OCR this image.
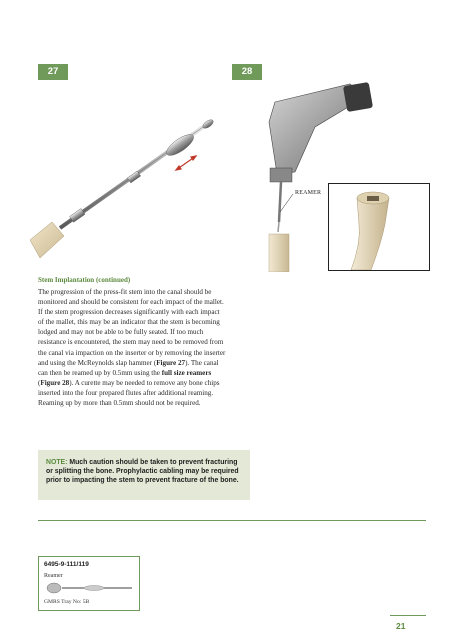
27	28
REAMER
Stem Implantation (continued)
The progression of the press-fit stem into the canal should be monitored and should be consistent for each impact of the mallet. If the stem progression decreases significantly with each impact of the mallet, this may be an indicator that the stem is becoming lodged and may not be able to be fully seated. If too much resistance is encountered, the stem may need to be removed from the canal via impaction on the inserter or by removing the inserter and using the McReynolds slap hammer (Figure 27). The canal can then be reamed up by 0.5mm using the full size reamers (Figure 28). A curette may be needed to remove any bone chips inserted into the four prepared flutes after additional reaming. Reaming up by more than 0.5mm should not be required.
NOTE: Much caution should be taken to prevent fracturing or splitting the bone. Prophylactic cabling may be required prior to impacting the stem to prevent fracture of the bone.
6495-9-111/119
Reamer
GMRS Tray No: 5B
21
